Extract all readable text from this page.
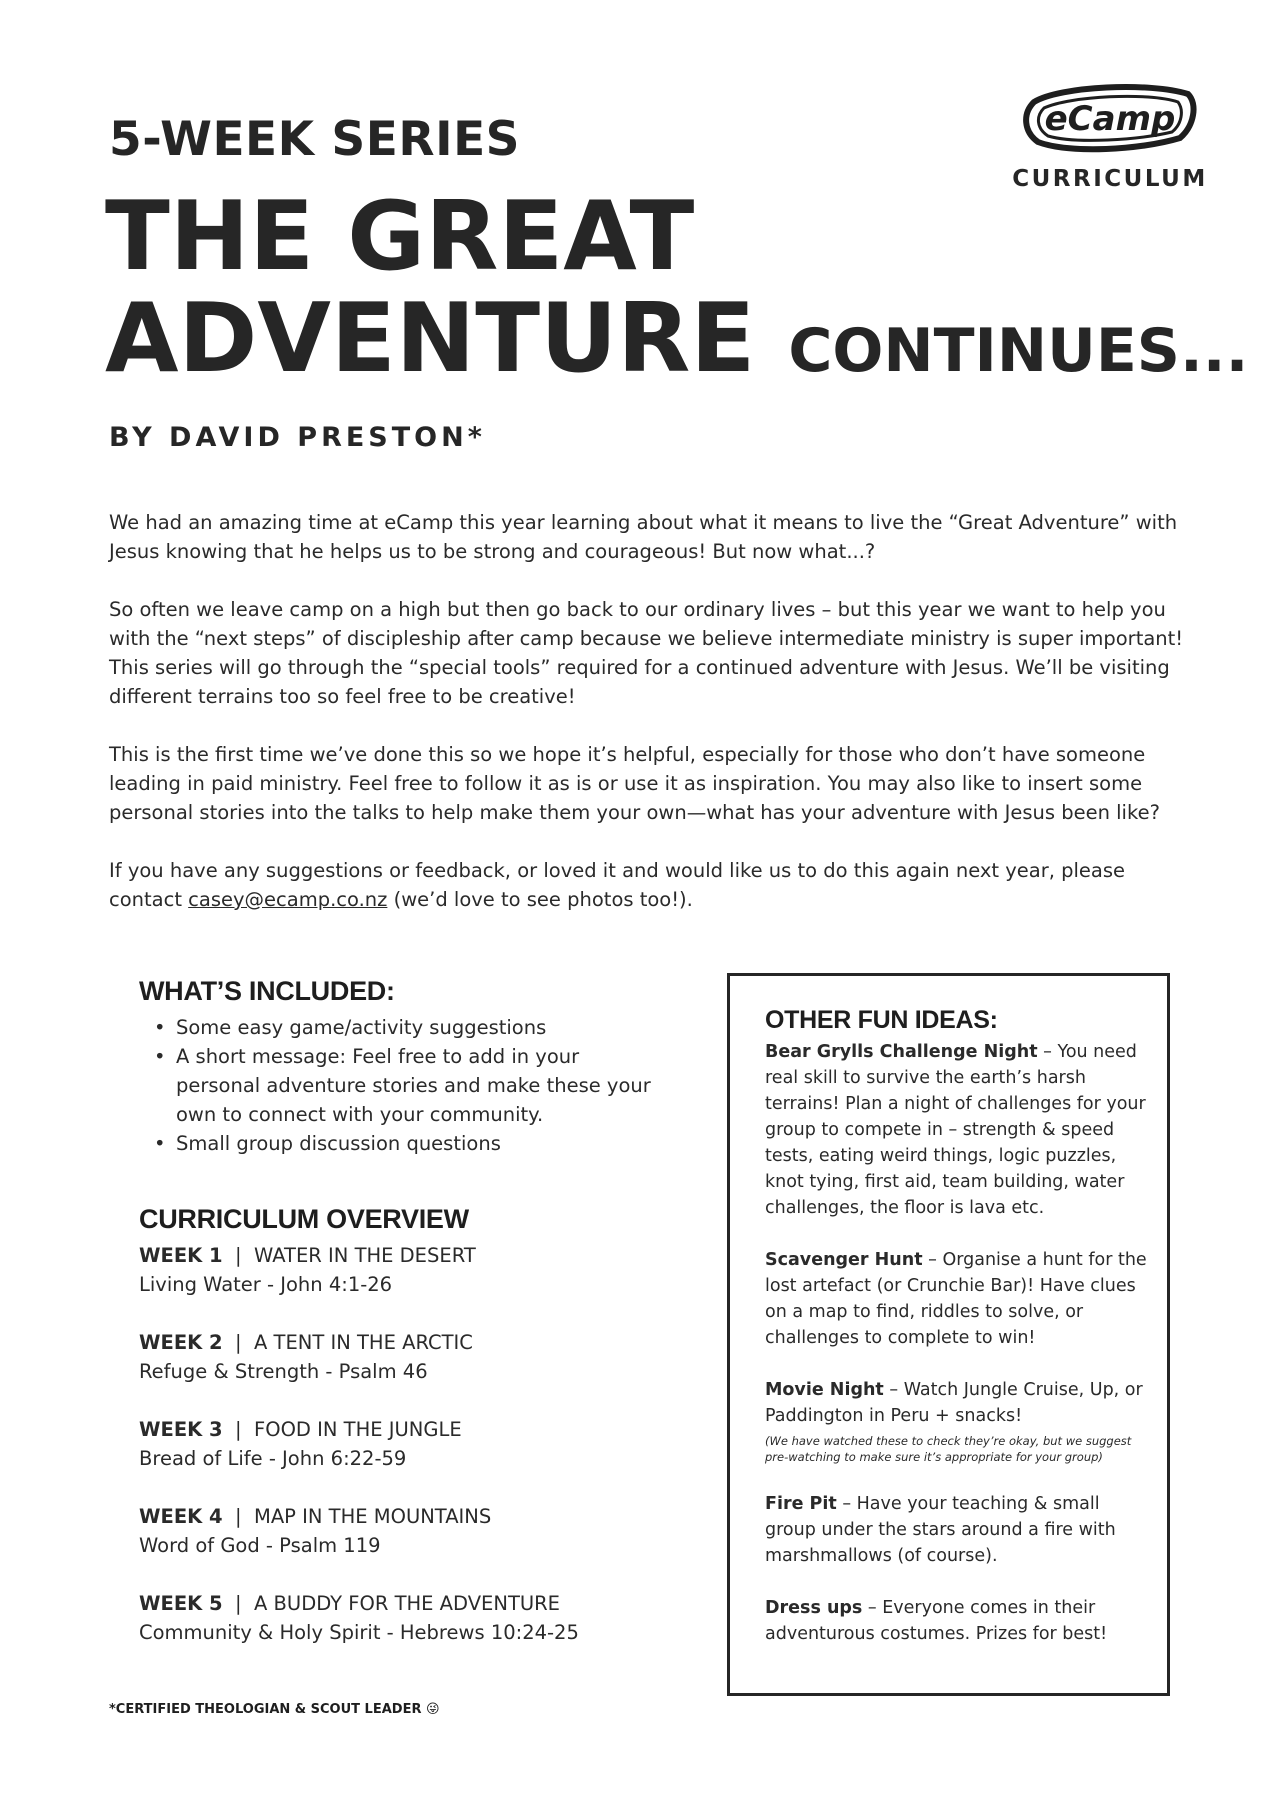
5-WEEK SERIES
THE GREAT
ADVENTURE CONTINUES...
BY DAVID PRESTON*
eCamp
CURRICULUM

We had an amazing time at eCamp this year learning about what it means to live the “Great Adventure” with Jesus knowing that he helps us to be strong and courageous! But now what...?

So often we leave camp on a high but then go back to our ordinary lives – but this year we want to help you with the “next steps” of discipleship after camp because we believe intermediate ministry is super important! This series will go through the “special tools” required for a continued adventure with Jesus. We’ll be visiting different terrains too so feel free to be creative!

This is the first time we’ve done this so we hope it’s helpful, especially for those who don’t have someone leading in paid ministry. Feel free to follow it as is or use it as inspiration. You may also like to insert some personal stories into the talks to help make them your own—what has your adventure with Jesus been like?

If you have any suggestions or feedback, or loved it and would like us to do this again next year, please contact casey@ecamp.co.nz (we’d love to see photos too!).

WHAT’S INCLUDED:
• Some easy game/activity suggestions
• A short message: Feel free to add in your personal adventure stories and make these your own to connect with your community.
• Small group discussion questions
CURRICULUM OVERVIEW
WEEK 1 | WATER IN THE DESERT
Living Water - John 4:1-26
WEEK 2 | A TENT IN THE ARCTIC
Refuge & Strength - Psalm 46
WEEK 3 | FOOD IN THE JUNGLE
Bread of Life - John 6:22-59
WEEK 4 | MAP IN THE MOUNTAINS
Word of God - Psalm 119
WEEK 5 | A BUDDY FOR THE ADVENTURE
Community & Holy Spirit - Hebrews 10:24-25
OTHER FUN IDEAS:
Bear Grylls Challenge Night – You need real skill to survive the earth’s harsh terrains! Plan a night of challenges for your group to compete in – strength & speed tests, eating weird things, logic puzzles, knot tying, first aid, team building, water challenges, the floor is lava etc.
Scavenger Hunt – Organise a hunt for the lost artefact (or Crunchie Bar)! Have clues on a map to find, riddles to solve, or challenges to complete to win!
Movie Night – Watch Jungle Cruise, Up, or Paddington in Peru + snacks!
(We have watched these to check they’re okay, but we suggest pre-watching to make sure it’s appropriate for your group)
Fire Pit – Have your teaching & small group under the stars around a fire with marshmallows (of course).
Dress ups – Everyone comes in their adventurous costumes. Prizes for best!
*CERTIFIED THEOLOGIAN & SCOUT LEADER 😜
